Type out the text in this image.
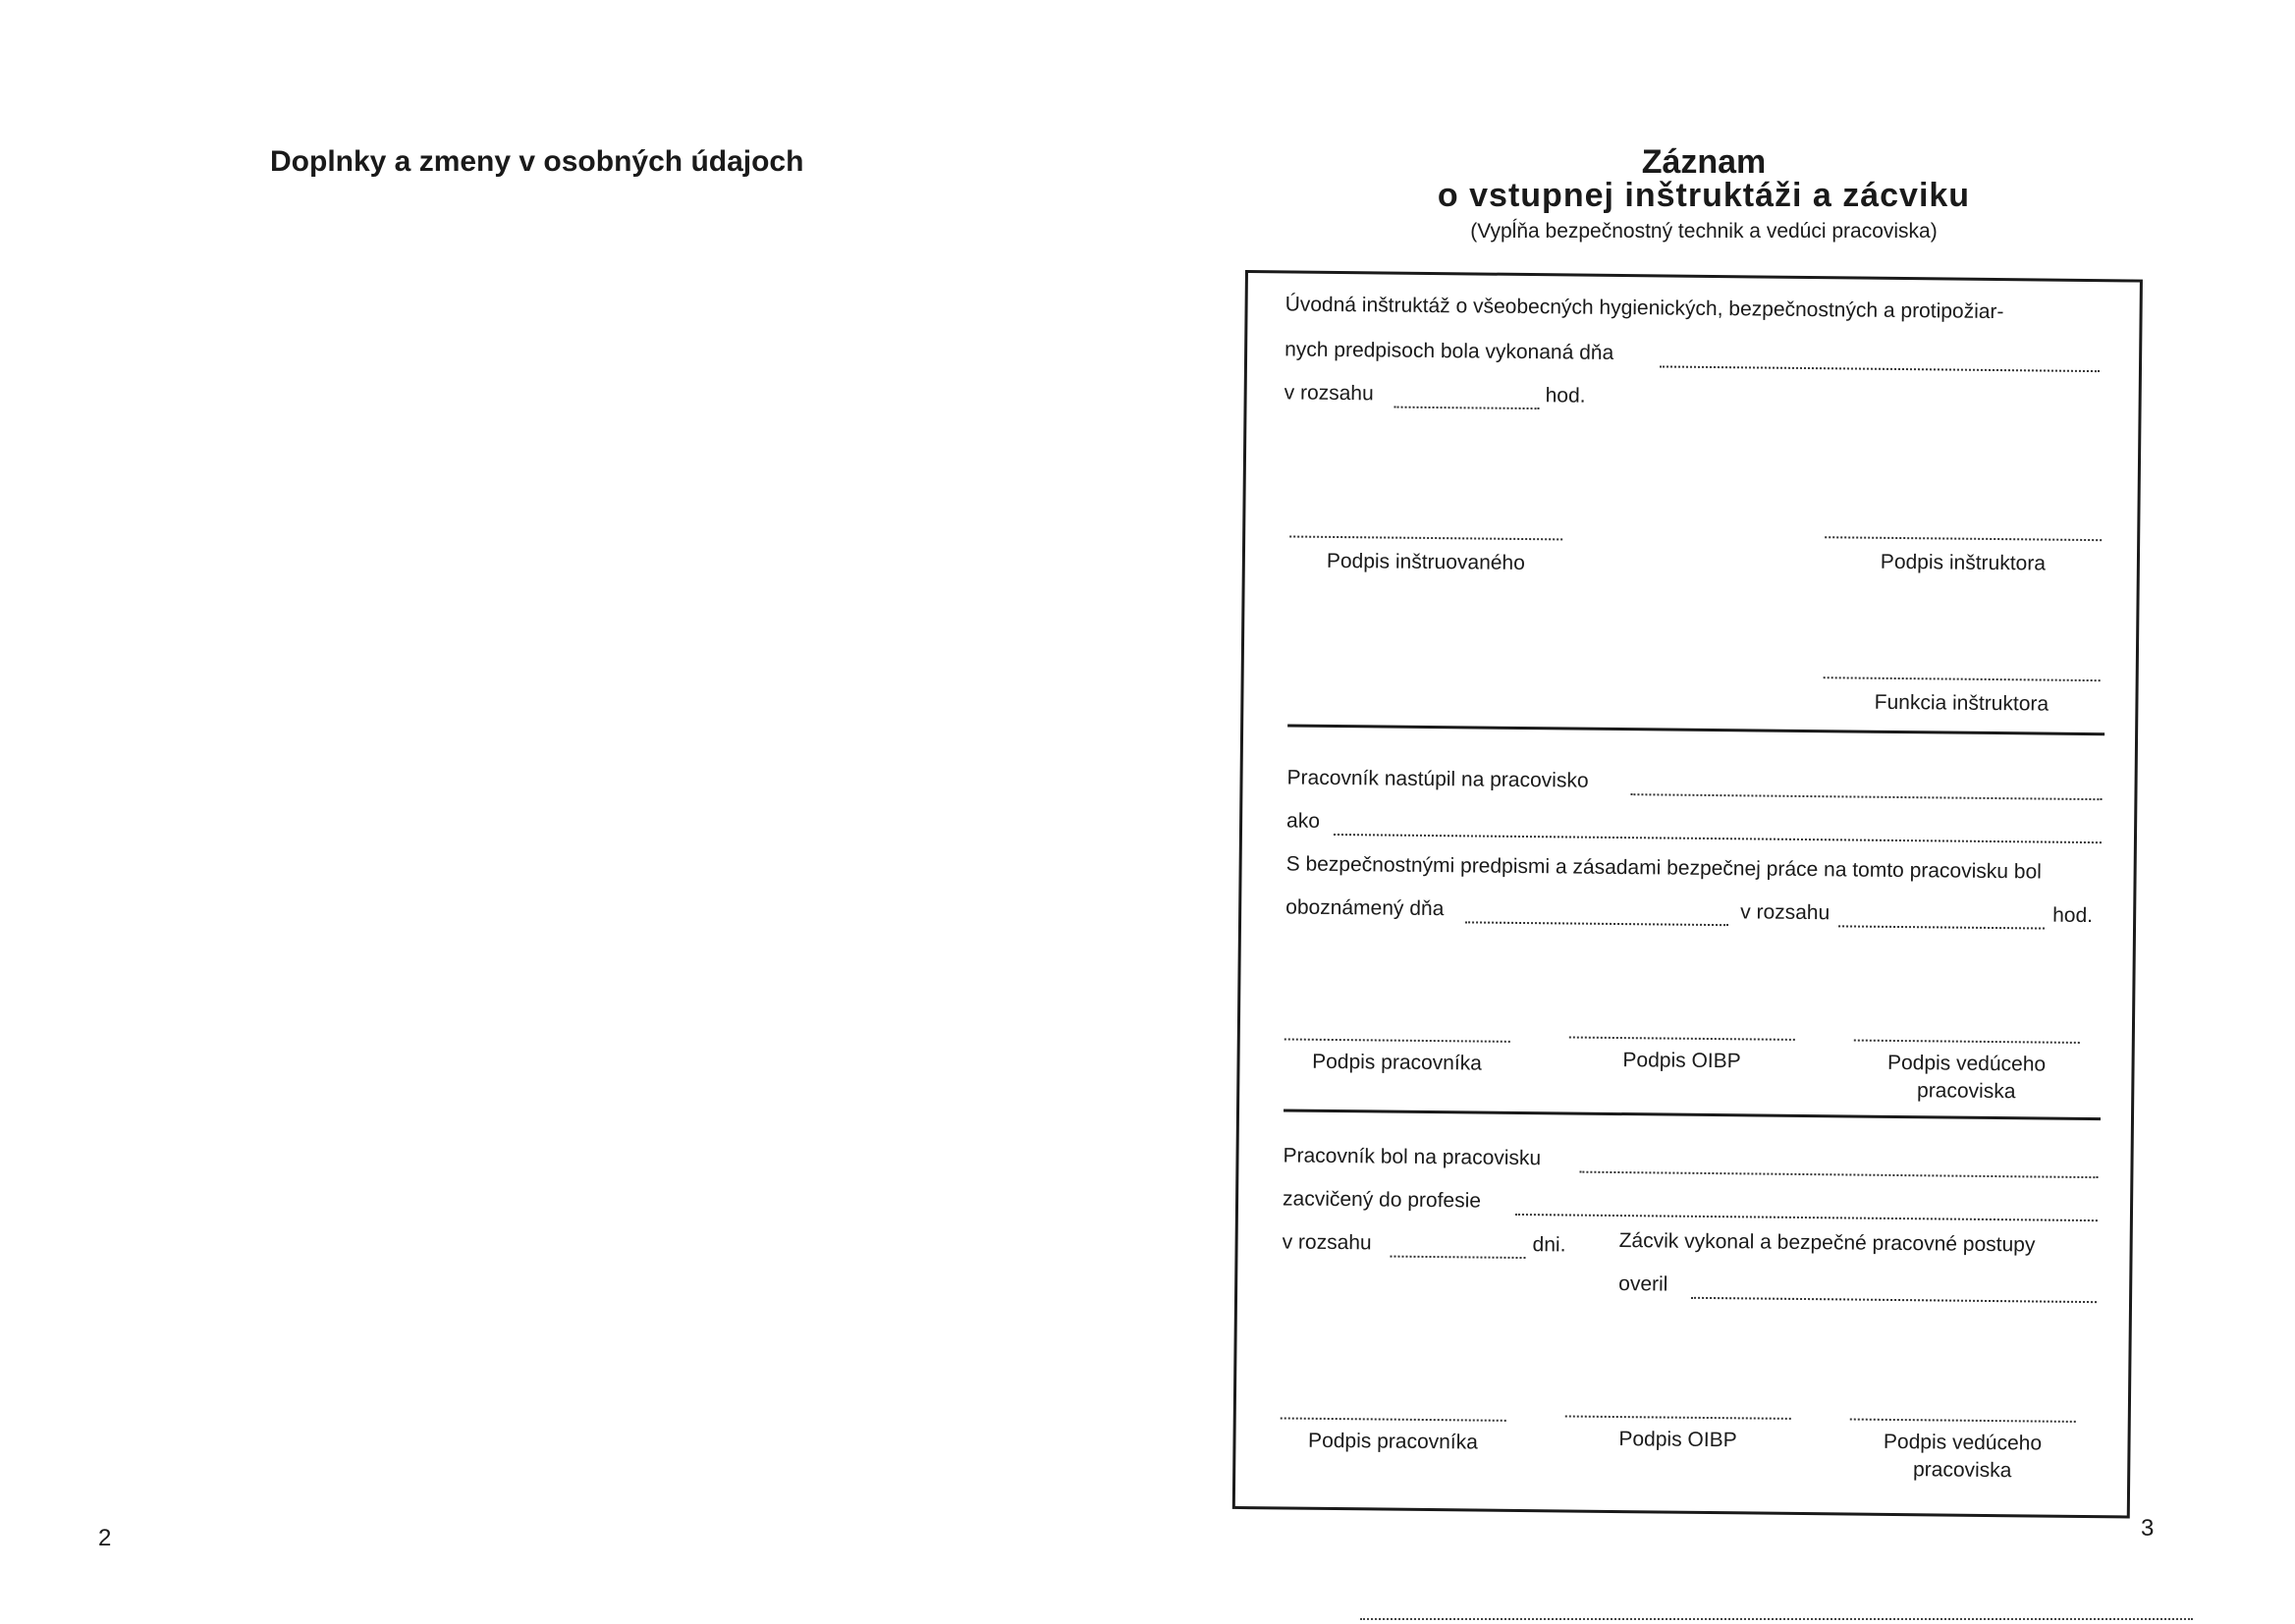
Doplnky a zmeny v osobných údajoch
2
Záznam
o vstupnej inštruktáži a zácviku
(Vypĺňa bezpečnostný technik a vedúci pracoviska)
Úvodná inštruktáž o všeobecných hygienických, bezpečnostných a protipožiar-
nych predpisoch bola vykonaná dňa
v rozsahu	hod.
Podpis inštruovaného	Podpis inštruktora
Funkcia inštruktora
Pracovník nastúpil na pracovisko
ako
S bezpečnostnými predpismi a zásadami bezpečnej práce na tomto pracovisku bol
oboznámený dňa	v rozsahu	hod.
Podpis pracovníka	Podpis OIBP	Podpis vedúceho pracoviska
Pracovník bol na pracovisku
zacvičený do profesie
v rozsahu	dni.	Zácvik vykonal a bezpečné pracovné postupy
overil
Podpis pracovníka	Podpis OIBP	Podpis vedúceho pracoviska
3
